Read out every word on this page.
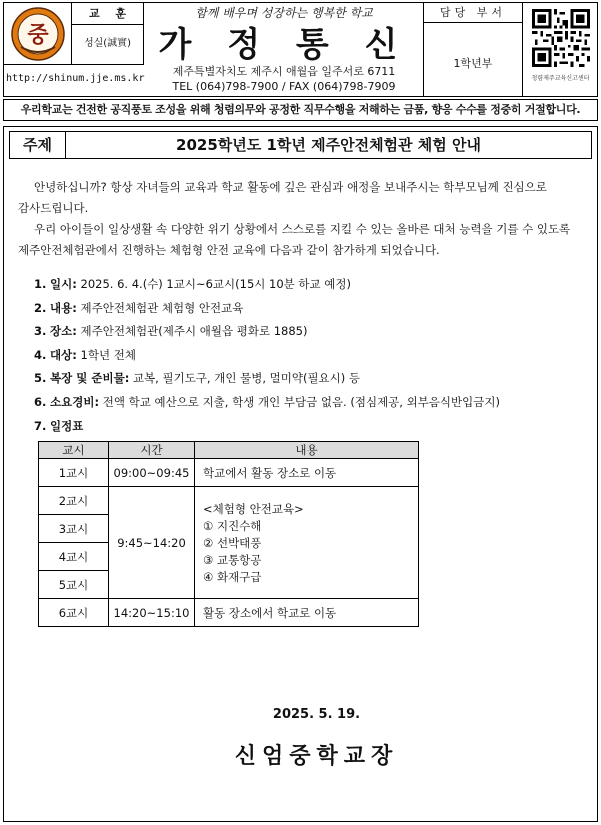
중
교 훈
성실(誠實)
http://shinum.jje.ms.kr
함께 배우며 성장하는 행복한 학교
가 정 통 신
제주특별자치도 제주시 애월읍 일주서로 6711
TEL (064)798-7900 / FAX (064)798-7909
담당 부서
1학년부
청렴제주교육신고센터
우리학교는 건전한 공직풍토 조성을 위해 청렴의무와 공정한 직무수행을 저해하는 금품, 향응 수수를 정중히 거절합니다.
주제	2025학년도 1학년 제주안전체험관 체험 안내

안녕하십니까? 항상 자녀들의 교육과 학교 활동에 깊은 관심과 애정을 보내주시는 학부모님께 진심으로 감사드립니다.

우리 아이들이 일상생활 속 다양한 위기 상황에서 스스로를 지킬 수 있는 올바른 대처 능력을 기를 수 있도록 제주안전체험관에서 진행하는 체험형 안전 교육에 다음과 같이 참가하게 되었습니다.

1. 일시: 2025. 6. 4.(수) 1교시~6교시(15시 10분 하교 예정)
2. 내용: 제주안전체험관 체험형 안전교육
3. 장소: 제주안전체험관(제주시 애월읍 평화로 1885)
4. 대상: 1학년 전체
5. 복장 및 준비물: 교복, 필기도구, 개인 물병, 멀미약(필요시) 등
6. 소요경비: 전액 학교 예산으로 지출, 학생 개인 부담금 없음. (점심제공, 외부음식반입금지)
7. 일정표
교시	시간	내용
1교시	09:00~09:45	학교에서 활동 장소로 이동
2교시	9:45~14:20	<체험형 안전교육>
① 지진수해
② 선박태풍
③ 교통항공
④ 화재구급

3교시		
4교시		
5교시		
6교시	14:20~15:10	활동 장소에서 학교로 이동
2025. 5. 19.
신엄중학교장
